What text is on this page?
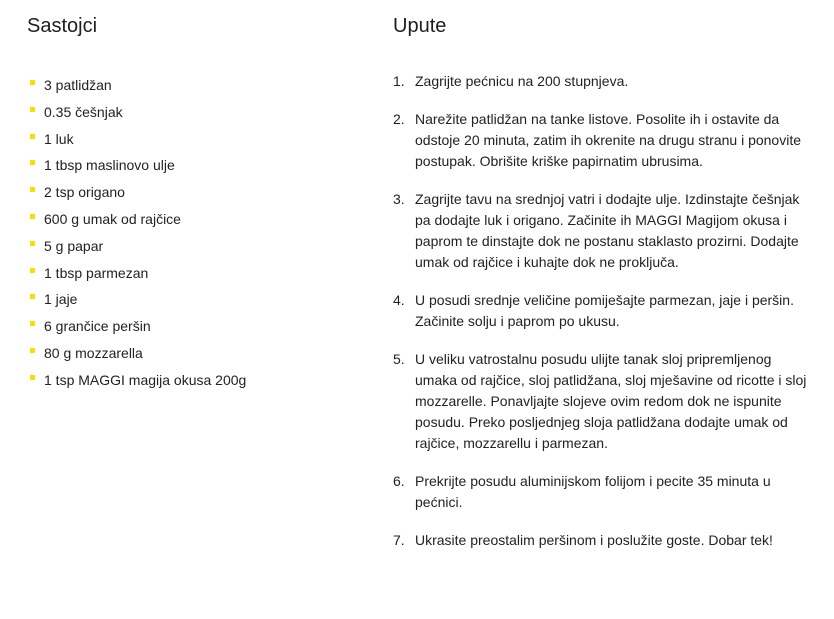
Sastojci
3 patlidžan
0.35 češnjak
1 luk
1 tbsp maslinovo ulje
2 tsp origano
600 g umak od rajčice
5 g papar
1 tbsp parmezan
1 jaje
6 grančice peršin
80 g mozzarella
1 tsp MAGGI magija okusa 200g
Upute
1. Zagrijte pećnicu na 200 stupnjeva.
2. Narežite patlidžan na tanke listove. Posolite ih i ostavite da odstoje 20 minuta, zatim ih okrenite na drugu stranu i ponovite postupak. Obrišite kriške papirnatim ubrusima.
3. Zagrijte tavu na srednjoj vatri i dodajte ulje. Izdinstajte češnjak pa dodajte luk i origano. Začinite ih MAGGI Magijom okusa i paprom te dinstajte dok ne postanu staklasto prozirni. Dodajte umak od rajčice i kuhajte dok ne proključa.
4. U posudi srednje veličine pomiješajte parmezan, jaje i peršin. Začinite solju i paprom po ukusu.
5. U veliku vatrostalnu posudu ulijte tanak sloj pripremljenog umaka od rajčice, sloj patlidžana, sloj mješavine od ricotte i sloj mozzarelle. Ponavljajte slojeve ovim redom dok ne ispunite posudu. Preko posljednjeg sloja patlidžana dodajte umak od rajčice, mozzarellu i parmezan.
6. Prekrijte posudu aluminijskom folijom i pecite 35 minuta u pećnici.
7. Ukrasite preostalim peršinom i poslužite goste. Dobar tek!
